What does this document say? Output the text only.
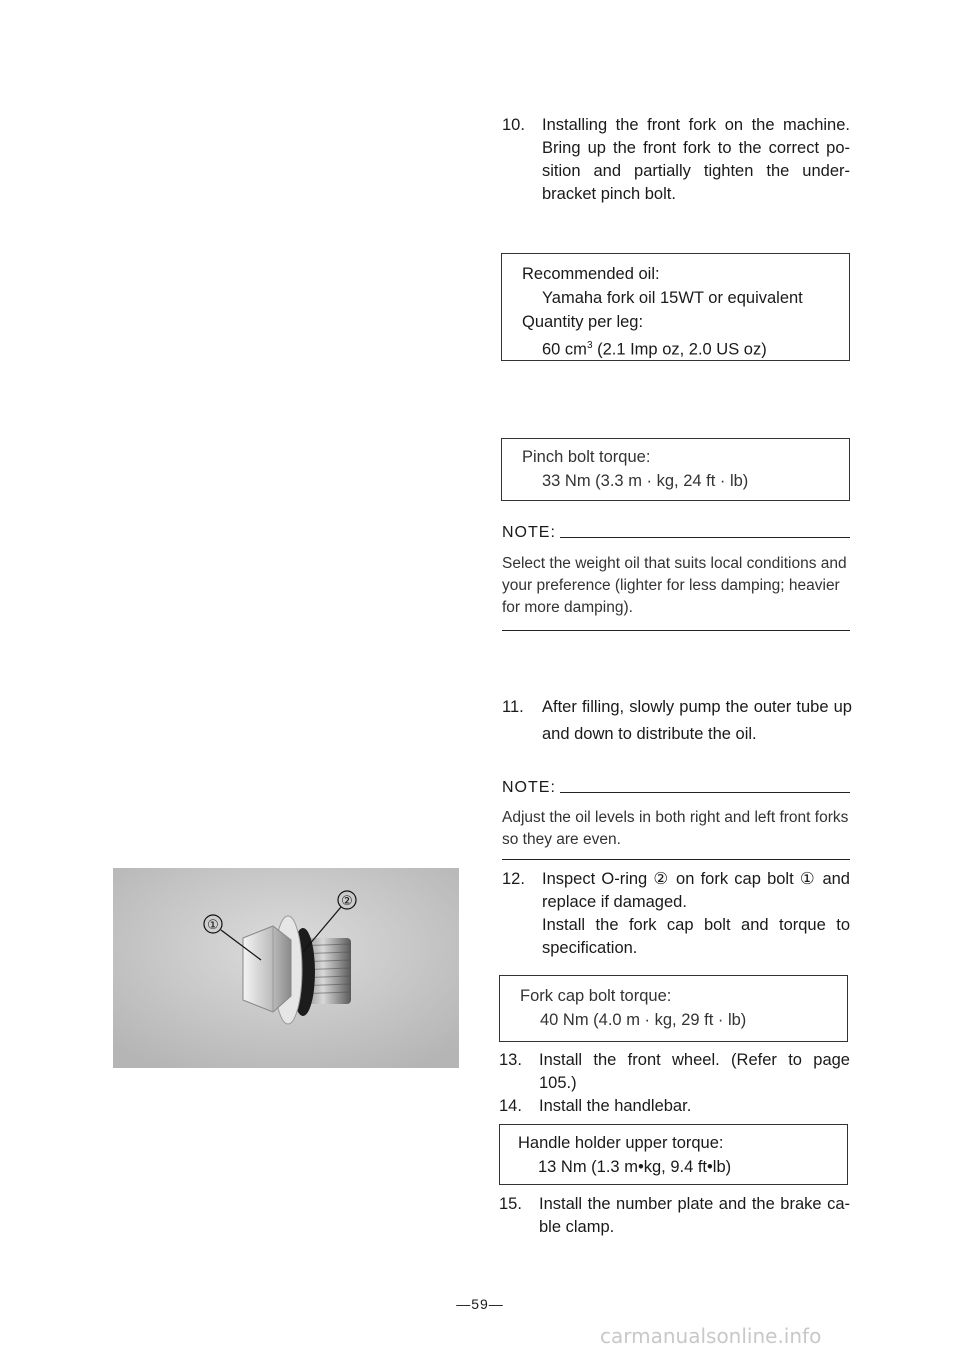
10. Installing the front fork on the machine. Bring up the front fork to the correct po-sition and partially tighten the under-bracket pinch bolt.
Recommended oil:
Yamaha fork oil 15WT or equivalent
Quantity per leg:
60 $cm^3$ (2.1 Imp oz, 2.0 US oz)
Pinch bolt torque:
33 Nm (3.3 m · kg, 24 ft · lb)
NOTE:
Select the weight oil that suits local conditions and your preference (lighter for less damping; heavier for more damping).
11. After filling, slowly pump the outer tube up and down to distribute the oil.
NOTE:
Adjust the oil levels in both right and left front forks so they are even.
12. Inspect O-ring ② on fork cap bolt ① and replace if damaged.
Install the fork cap bolt and torque to specification.
Fork cap bolt torque:
40 Nm (4.0 m · kg, 29 ft · lb)
13. Install the front wheel. (Refer to page 105.)
14. Install the handlebar.
Handle holder upper torque:
13 Nm (1.3 m•kg, 9.4 ft•lb)
15. Install the number plate and the brake ca-ble clamp.
①
②
—59—
carmanualsonline.info
